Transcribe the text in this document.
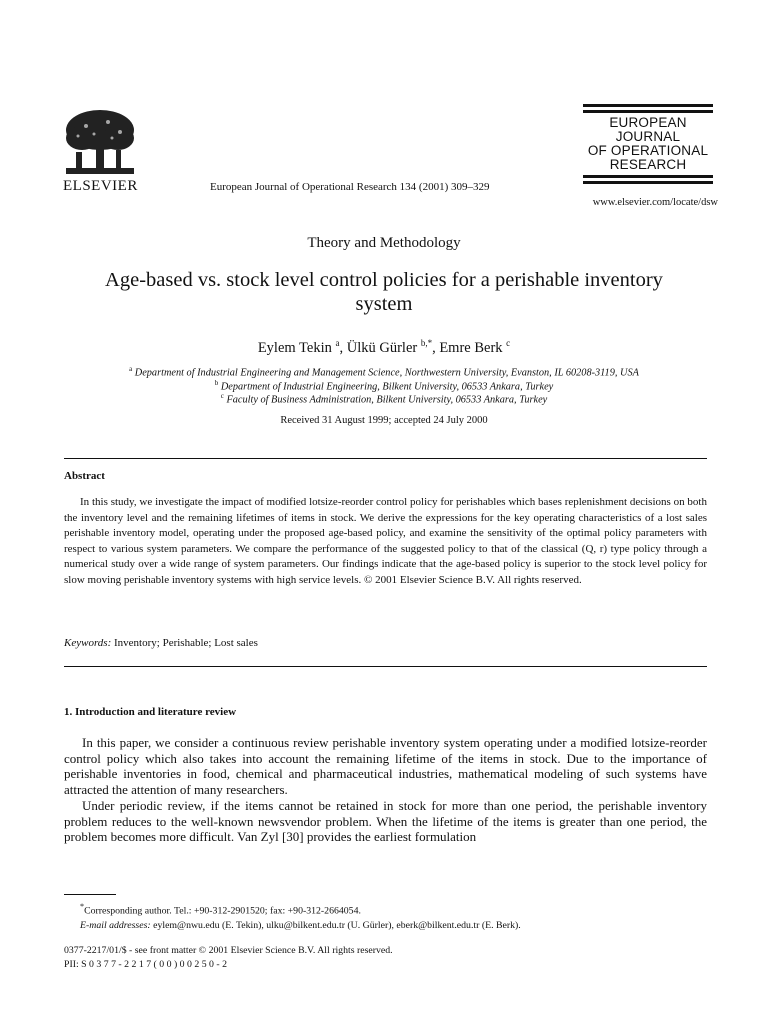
ELSEVIER	European Journal of Operational Research 134 (2001) 309–329
EUROPEAN
JOURNAL
OF OPERATIONAL
RESEARCH
www.elsevier.com/locate/dsw
Theory and Methodology
Age-based vs. stock level control policies for a perishable inventory system
Eylem Tekin $^a$, Ülkü Gürler $^{b,*}$, Emre Berk $^c$
$^a$ Department of Industrial Engineering and Management Science, Northwestern University, Evanston, IL 60208-3119, USA
$^b$ Department of Industrial Engineering, Bilkent University, 06533 Ankara, Turkey
$^c$ Faculty of Business Administration, Bilkent University, 06533 Ankara, Turkey
Received 31 August 1999; accepted 24 July 2000
Abstract
In this study, we investigate the impact of modified lotsize-reorder control policy for perishables which bases replenishment decisions on both the inventory level and the remaining lifetimes of items in stock. We derive the expressions for the key operating characteristics of a lost sales perishable inventory model, operating under the proposed age-based policy, and examine the sensitivity of the optimal policy parameters with respect to various system parameters. We compare the performance of the suggested policy to that of the classical (Q, r) type policy through a numerical study over a wide range of system parameters. Our findings indicate that the age-based policy is superior to the stock level policy for slow moving perishable inventory systems with high service levels. © 2001 Elsevier Science B.V. All rights reserved.
Keywords: Inventory; Perishable; Lost sales
1. Introduction and literature review

In this paper, we consider a continuous review perishable inventory system operating under a modified lotsize-reorder control policy which also takes into account the remaining lifetime of the items in stock. Due to the importance of perishable inventories in food, chemical and pharmaceutical industries, mathematical modeling of such systems have attracted the attention of many researchers.

Under periodic review, if the items cannot be retained in stock for more than one period, the perishable inventory problem reduces to the well-known newsvendor problem. When the lifetime of the items is greater than one period, the problem becomes more difficult. Van Zyl [30] provides the earliest formulation

*Corresponding author. Tel.: +90-312-2901520; fax: +90-312-2664054.
E-mail addresses: eylem@nwu.edu (E. Tekin), ulku@bilkent.edu.tr (U. Gürler), eberk@bilkent.edu.tr (E. Berk).
0377-2217/01/$ - see front matter © 2001 Elsevier Science B.V. All rights reserved.
PII: S 0 3 7 7 - 2 2 1 7 ( 0 0 ) 0 0 2 5 0 - 2
